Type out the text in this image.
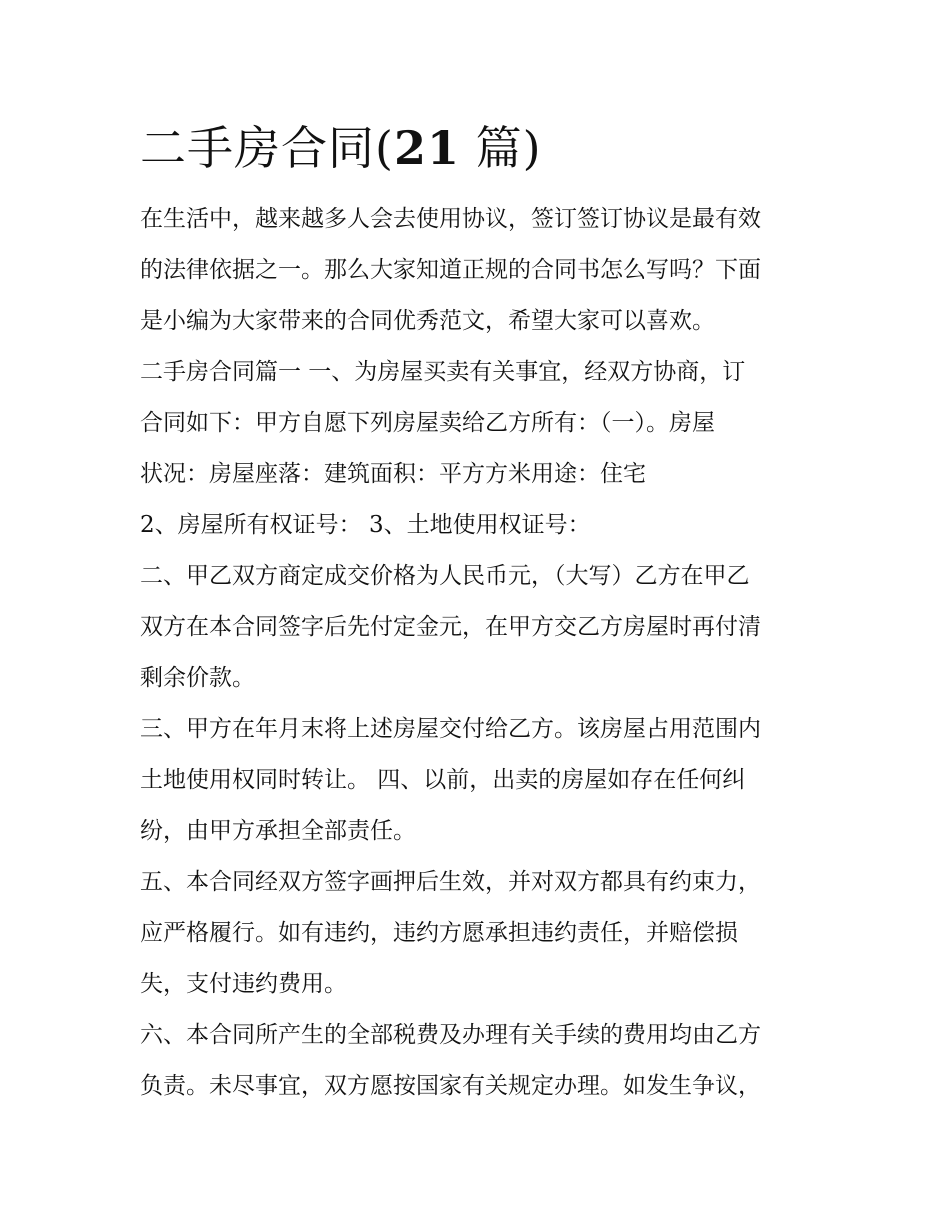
二手房合同(21 篇)
在生活中，越来越多人会去使用协议，签订签订协议是最有效
的法律依据之一。那么大家知道正规的合同书怎么写吗？下面
是小编为大家带来的合同优秀范文，希望大家可以喜欢。
二手房合同篇一 一、为房屋买卖有关事宜，经双方协商，订
合同如下：甲方自愿下列房屋卖给乙方所有：（一）。房屋
状况：房屋座落：建筑面积：平方方米用途：住宅
2、房屋所有权证号： 3、土地使用权证号：
二、甲乙双方商定成交价格为人民币元，（大写）乙方在甲乙
双方在本合同签字后先付定金元，在甲方交乙方房屋时再付清
剩余价款。
三、甲方在年月末将上述房屋交付给乙方。该房屋占用范围内
土地使用权同时转让。 四、以前，出卖的房屋如存在任何纠
纷，由甲方承担全部责任。
五、本合同经双方签字画押后生效，并对双方都具有约束力，
应严格履行。如有违约，违约方愿承担违约责任，并赔偿损
失，支付违约费用。
六、本合同所产生的全部税费及办理有关手续的费用均由乙方
负责。未尽事宜，双方愿按国家有关规定办理。如发生争议，
